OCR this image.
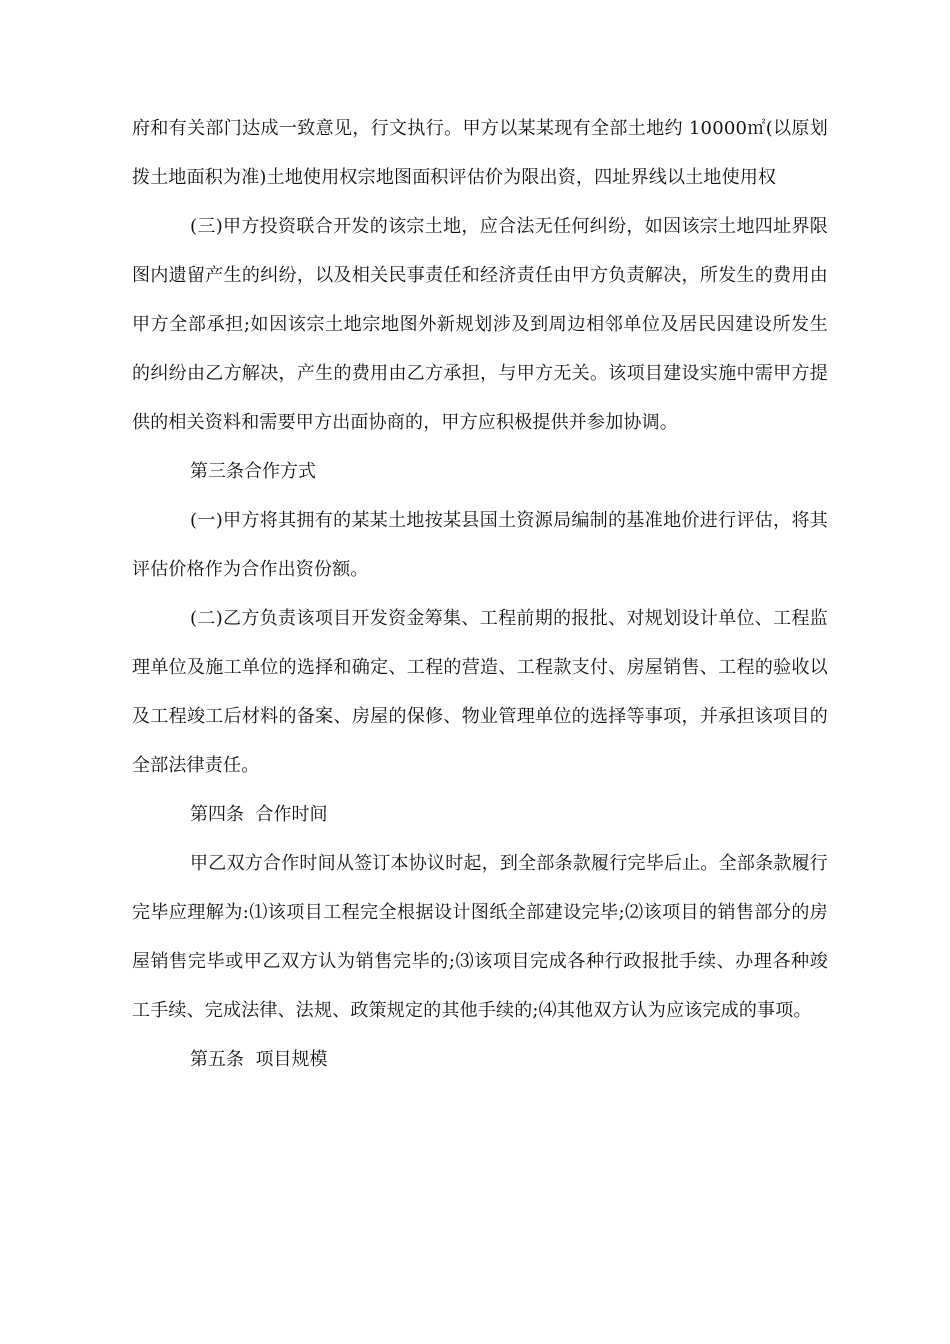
府和有关部门达成一致意见，行文执行。甲方以某某现有全部土地约 10000㎡(以原划拨土地面积为准)土地使用权宗地图面积评估价为限出资，四址界线以土地使用权

(三)甲方投资联合开发的该宗土地，应合法无任何纠纷，如因该宗土地四址界限图内遗留产生的纠纷，以及相关民事责任和经济责任由甲方负责解决，所发生的费用由甲方全部承担;如因该宗土地宗地图外新规划涉及到周边相邻单位及居民因建设所发生的纠纷由乙方解决，产生的费用由乙方承担，与甲方无关。该项目建设实施中需甲方提供的相关资料和需要甲方出面协商的，甲方应积极提供并参加协调。

第三条合作方式

(一)甲方将其拥有的某某土地按某县国土资源局编制的基准地价进行评估，将其评估价格作为合作出资份额。

(二)乙方负责该项目开发资金筹集、工程前期的报批、对规划设计单位、工程监理单位及施工单位的选择和确定、工程的营造、工程款支付、房屋销售、工程的验收以及工程竣工后材料的备案、房屋的保修、物业管理单位的选择等事项，并承担该项目的全部法律责任。

第四条  合作时间

甲乙双方合作时间从签订本协议时起，到全部条款履行完毕后止。全部条款履行完毕应理解为:⑴该项目工程完全根据设计图纸全部建设完毕;⑵该项目的销售部分的房屋销售完毕或甲乙双方认为销售完毕的;⑶该项目完成各种行政报批手续、办理各种竣工手续、完成法律、法规、政策规定的其他手续的;⑷其他双方认为应该完成的事项。

第五条  项目规模
